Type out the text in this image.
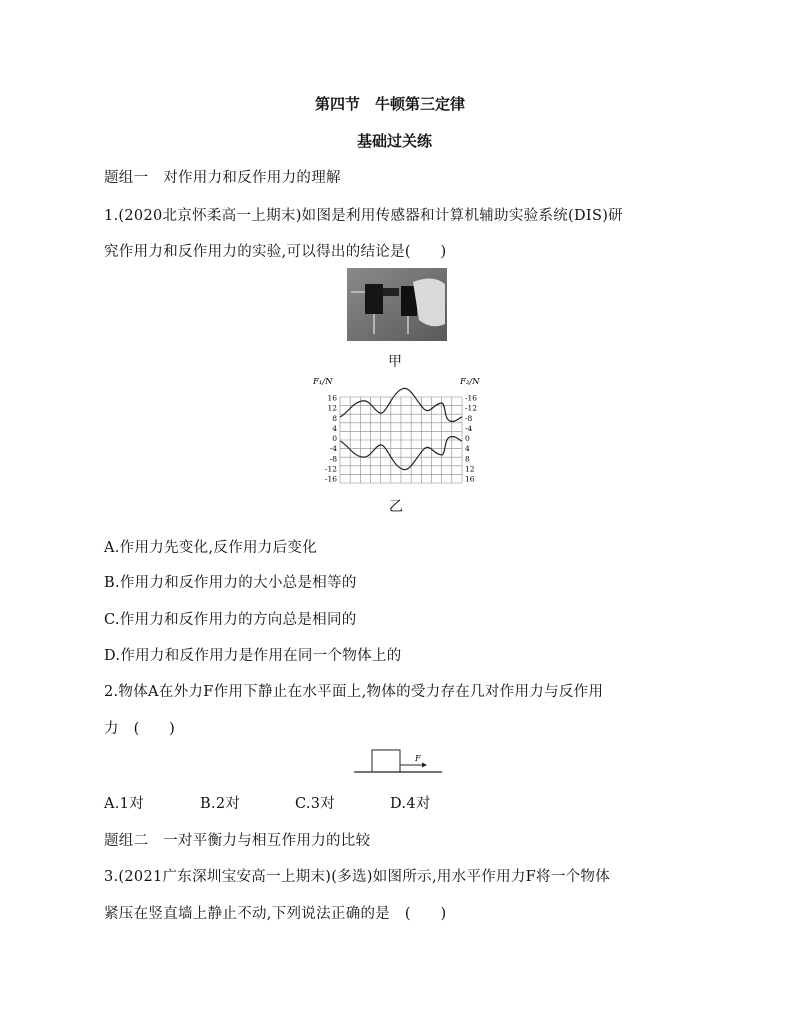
第四节　牛顿第三定律
基础过关练
题组一　对作用力和反作用力的理解
1.(2020北京怀柔高一上期末)如图是利用传感器和计算机辅助实验系统(DIS)研
究作用力和反作用力的实验,可以得出的结论是(　　)
甲
F₁/N	F₂/N
16
12
8
4
0
-4
-8
-12
-16
-16
-12
-8
-4
0
4
8
12
16
乙
A.作用力先变化,反作用力后变化
B.作用力和反作用力的大小总是相等的
C.作用力和反作用力的方向总是相同的
D.作用力和反作用力是作用在同一个物体上的
2.物体A在外力F作用下静止在水平面上,物体的受力存在几对作用力与反作用
力　(　　)
F
A.1对	B.2对	C.3对	D.4对
题组二　一对平衡力与相互作用力的比较
3.(2021广东深圳宝安高一上期末)(多选)如图所示,用水平作用力F将一个物体
紧压在竖直墙上静止不动,下列说法正确的是　(　　)
